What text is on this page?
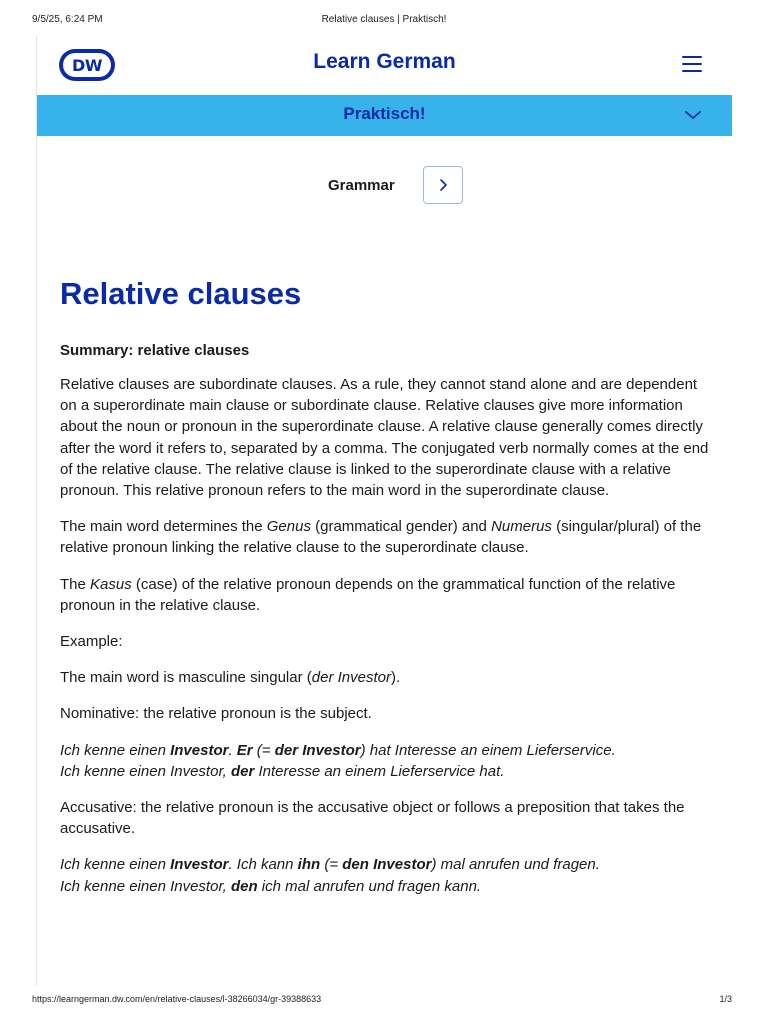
9/5/25, 6:24 PM	Relative clauses | Praktisch!
DW	Learn German
Praktisch!
Grammar
Relative clauses
Summary: relative clauses

Relative clauses are subordinate clauses. As a rule, they cannot stand alone and are dependent on a superordinate main clause or subordinate clause. Relative clauses give more information about the noun or pronoun in the superordinate clause. A relative clause generally comes directly after the word it refers to, separated by a comma. The conjugated verb normally comes at the end of the relative clause. The relative clause is linked to the superordinate clause with a relative pronoun. This relative pronoun refers to the main word in the superordinate clause.

The main word determines the Genus (grammatical gender) and Numerus (singular/plural) of the relative pronoun linking the relative clause to the superordinate clause.

The Kasus (case) of the relative pronoun depends on the grammatical function of the relative pronoun in the relative clause.

Example:

The main word is masculine singular (der Investor).

Nominative: the relative pronoun is the subject.

Ich kenne einen Investor. Er (= der Investor) hat Interesse an einem Lieferservice.
Ich kenne einen Investor, der Interesse an einem Lieferservice hat.

Accusative: the relative pronoun is the accusative object or follows a preposition that takes the accusative.

Ich kenne einen Investor. Ich kann ihn (= den Investor) mal anrufen und fragen.
Ich kenne einen Investor, den ich mal anrufen und fragen kann.

https://learngerman.dw.com/en/relative-clauses/l-38266034/gr-39388633	1/3
